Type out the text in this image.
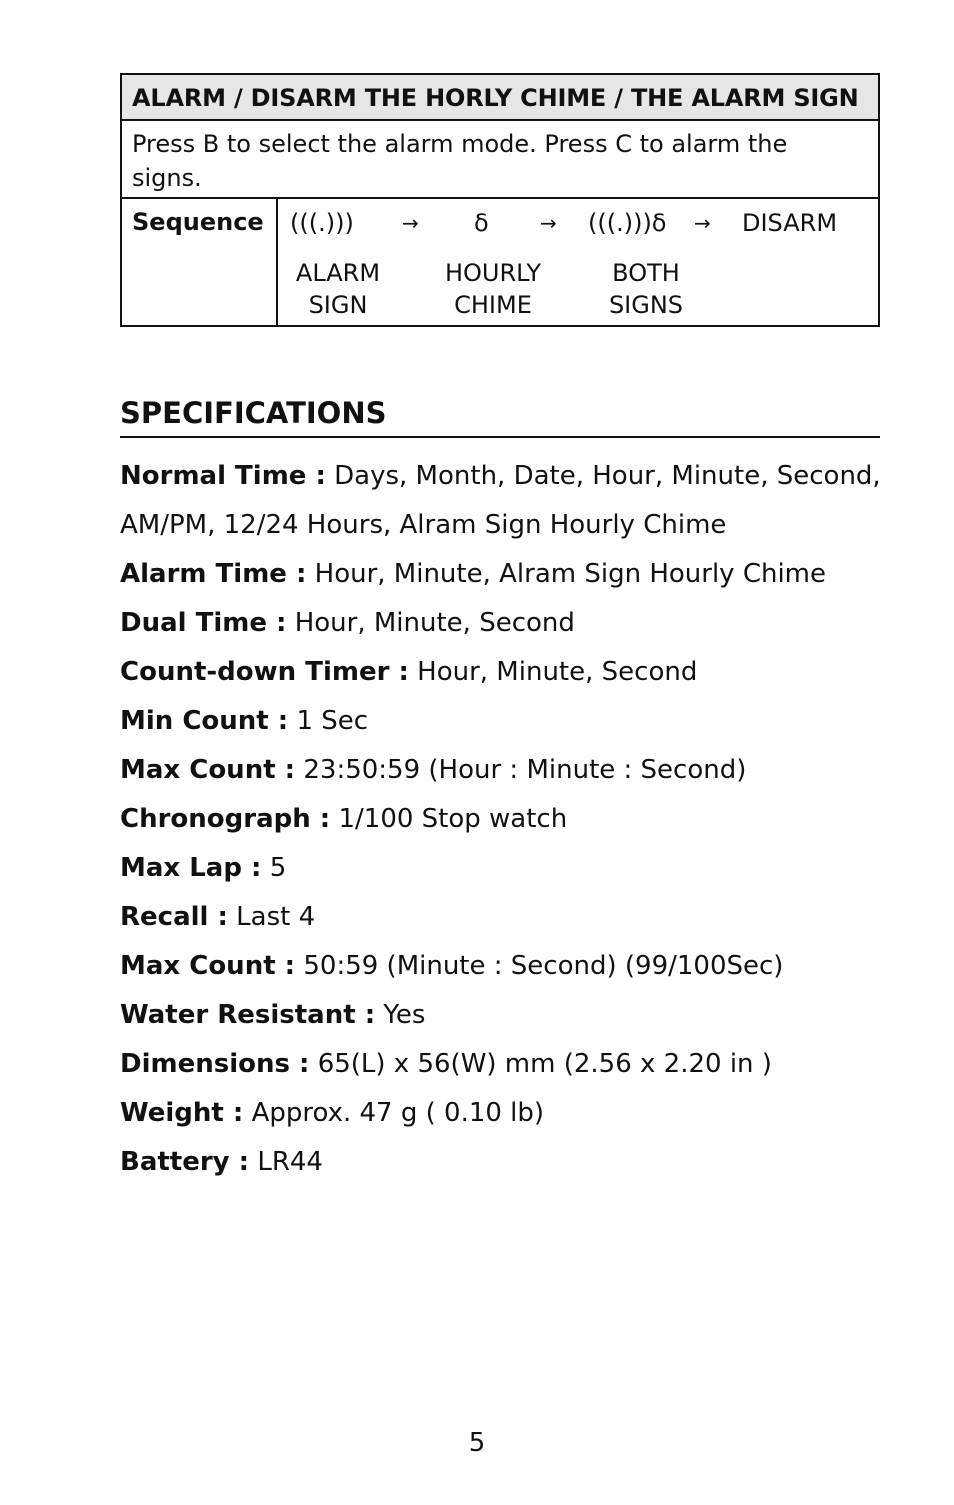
ALARM / DISARM THE HORLY CHIME / THE ALARM SIGN
Press B to select the alarm mode. Press C to alarm the
signs.
Sequence	(((.))) → δ	→ (((.)))δ → DISARM
ALARM
SIGN
HOURLY
CHIME
BOTH
SIGNS
SPECIFICATIONS
Normal Time : Days, Month, Date, Hour, Minute, Second,
AM/PM, 12/24 Hours, Alram Sign Hourly Chime
Alarm Time : Hour, Minute, Alram Sign Hourly Chime
Dual Time : Hour, Minute, Second
Count-down Timer : Hour, Minute, Second
Min Count : 1 Sec
Max Count : 23:50:59 (Hour : Minute : Second)
Chronograph : 1/100 Stop watch
Max Lap : 5
Recall : Last 4
Max Count : 50:59 (Minute : Second) (99/100Sec)
Water Resistant : Yes
Dimensions : 65(L) x 56(W) mm (2.56 x 2.20 in )
Weight : Approx. 47 g ( 0.10 lb)
Battery : LR44
5
